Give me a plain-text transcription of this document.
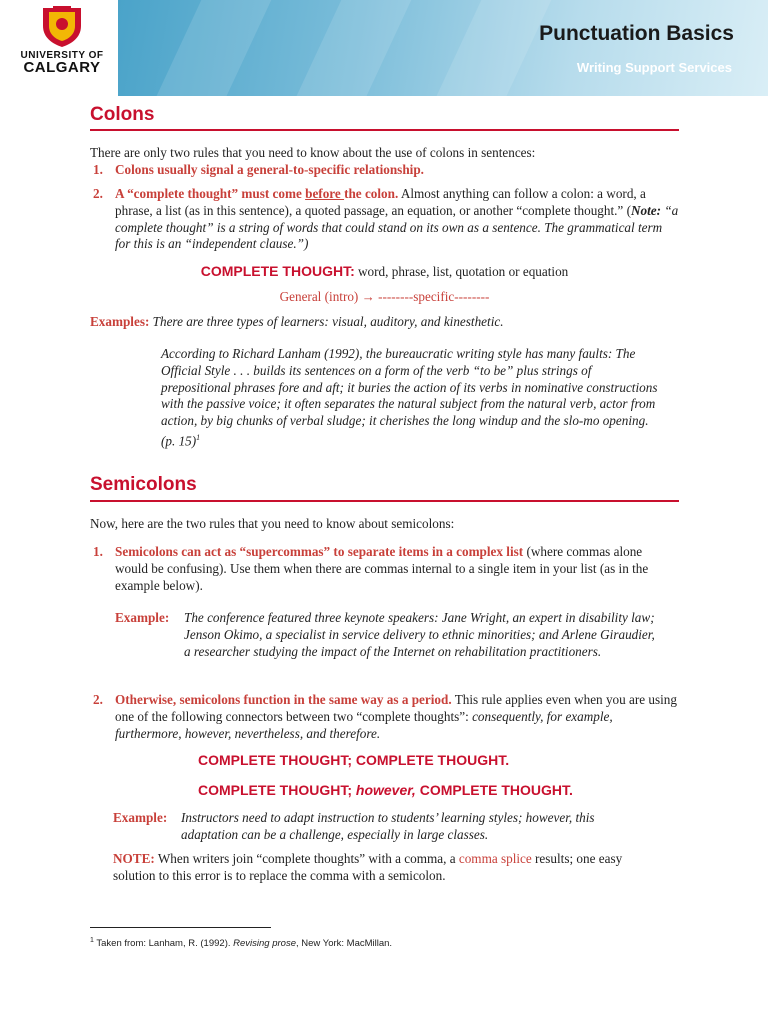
UNIVERSITY OF
CALGARY
Punctuation Basics
Writing Support Services
Colons
There are only two rules that you need to know about the use of colons in sentences:
1. Colons usually signal a general-to-specific relationship.
2. A “complete thought” must come before the colon. Almost anything can follow a colon: a word, a phrase, a list (as in this sentence), a quoted passage, an equation, or another “complete thought.” (Note: “a complete thought” is a string of words that could stand on its own as a sentence. The grammatical term for this is an “independent clause.”)
COMPLETE THOUGHT: word, phrase, list, quotation or equation
General (intro) → --------specific--------
Examples: There are three types of learners: visual, auditory, and kinesthetic.
According to Richard Lanham (1992), the bureaucratic writing style has many faults: The Official Style . . . builds its sentences on a form of the verb “to be” plus strings of prepositional phrases fore and aft; it buries the action of its verbs in nominative constructions with the passive voice; it often separates the natural subject from the natural verb, actor from action, by big chunks of verbal sludge; it cherishes the long windup and the slo-mo opening. (p. 15)$^1$
Semicolons
Now, here are the two rules that you need to know about semicolons:
1. Semicolons can act as “supercommas” to separate items in a complex list (where commas alone would be confusing). Use them when there are commas internal to a single item in your list (as in the example below).
Example: The conference featured three keynote speakers: Jane Wright, an expert in disability law; Jenson Okimo, a specialist in service delivery to ethnic minorities; and Arlene Giraudier, a researcher studying the impact of the Internet on rehabilitation practitioners.
2. Otherwise, semicolons function in the same way as a period. This rule applies even when you are using one of the following connectors between two “complete thoughts”: consequently, for example, furthermore, however, nevertheless, and therefore.
COMPLETE THOUGHT; COMPLETE THOUGHT.
COMPLETE THOUGHT; however, COMPLETE THOUGHT.
Example: Instructors need to adapt instruction to students’ learning styles; however, this adaptation can be a challenge, especially in large classes.
NOTE: When writers join “complete thoughts” with a comma, a comma splice results; one easy solution to this error is to replace the comma with a semicolon.
$^1$ Taken from: Lanham, R. (1992). Revising prose, New York: MacMillan.
